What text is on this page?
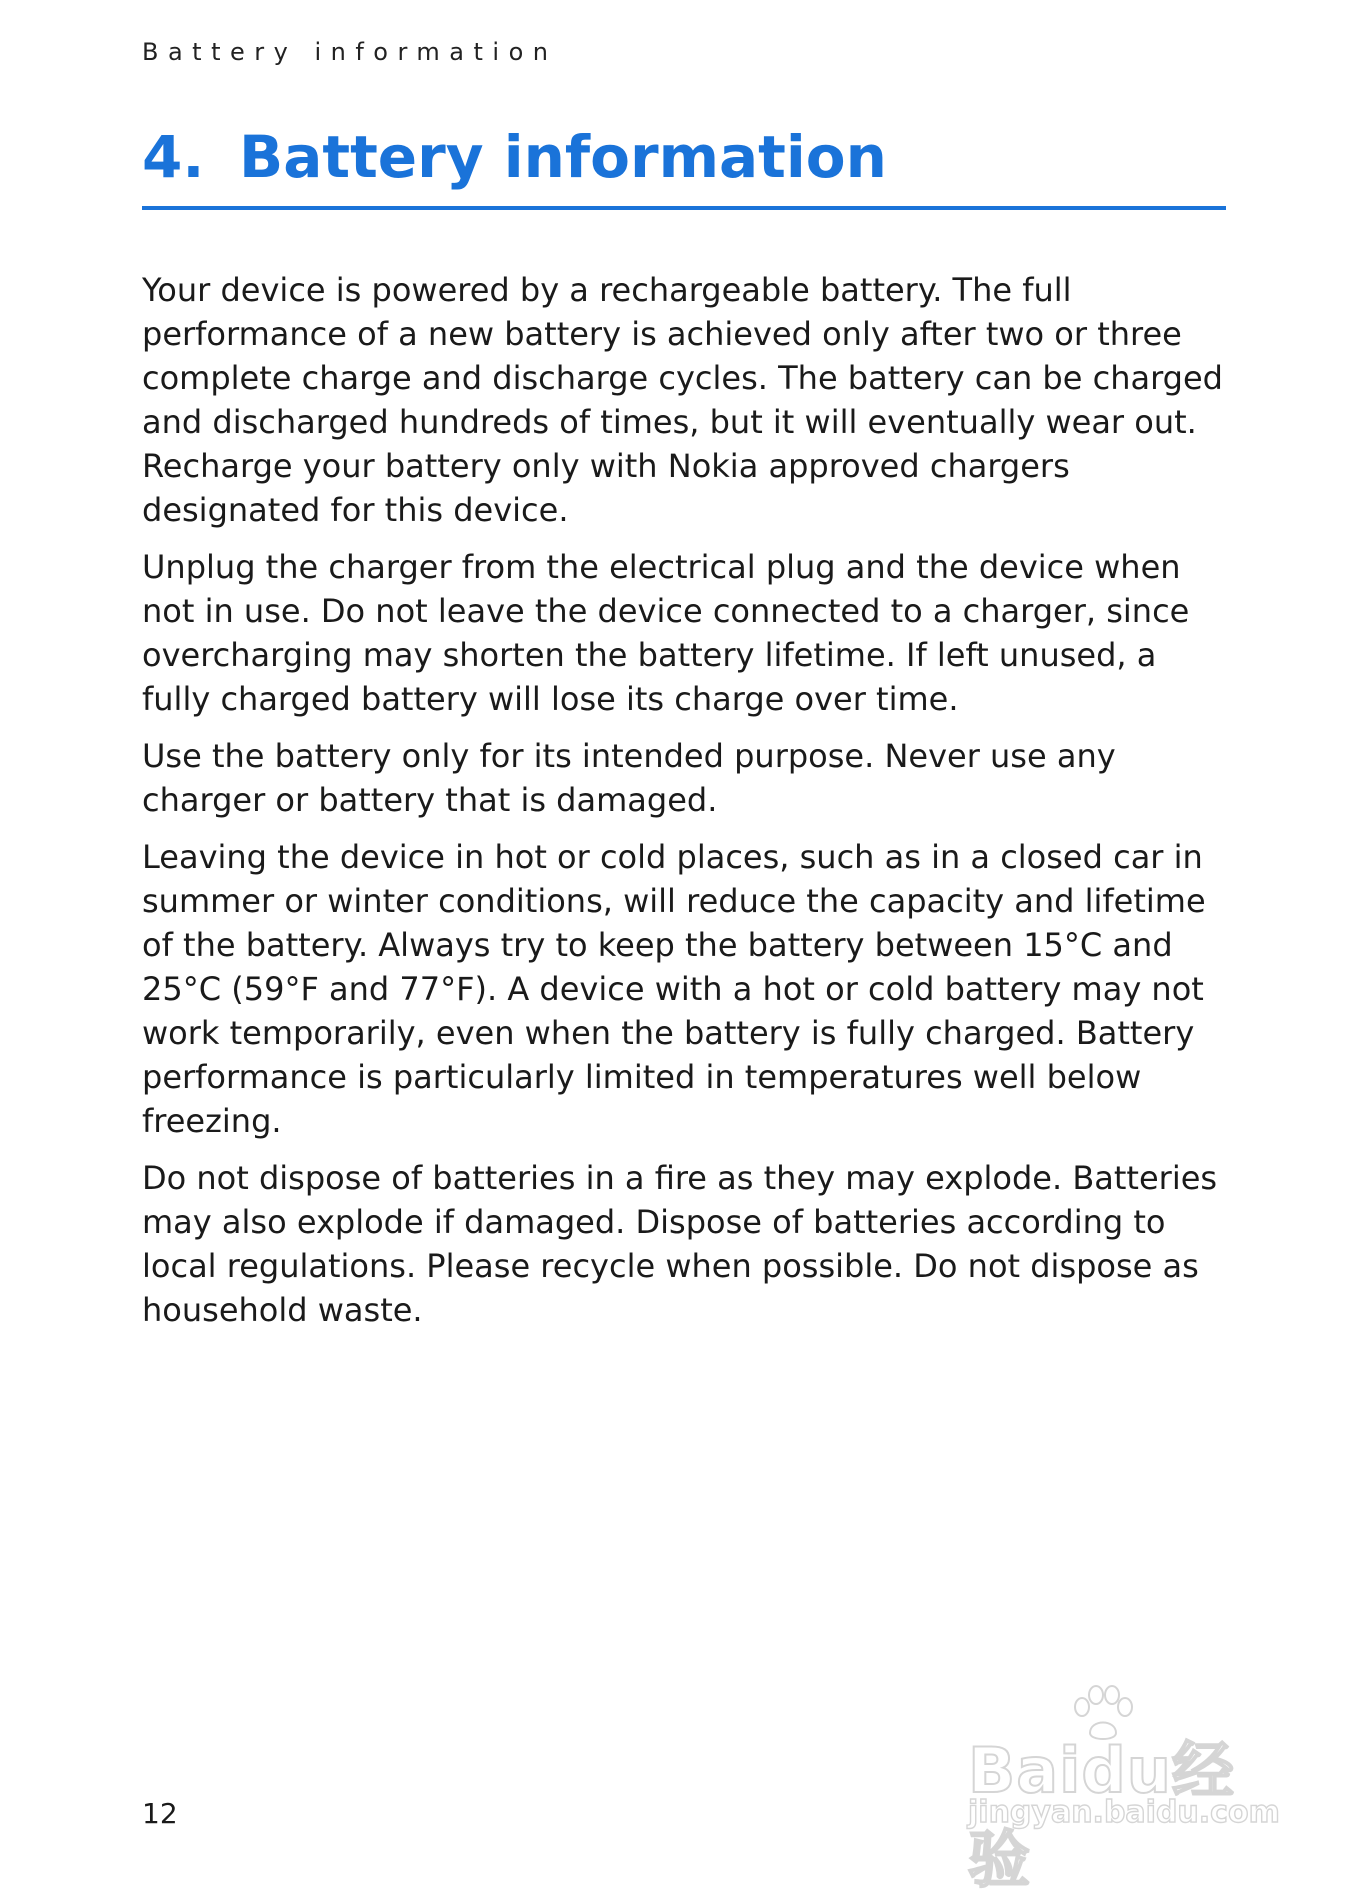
Battery information
4. Battery information

Your device is powered by a rechargeable battery. The full performance of a new battery is achieved only after two or three complete charge and discharge cycles. The battery can be charged and discharged hundreds of times, but it will eventually wear out. Recharge your battery only with Nokia approved chargers designated for this device.

Unplug the charger from the electrical plug and the device when not in use. Do not leave the device connected to a charger, since overcharging may shorten the battery lifetime. If left unused, a fully charged battery will lose its charge over time.

Use the battery only for its intended purpose. Never use any charger or battery that is damaged.

Leaving the device in hot or cold places, such as in a closed car in summer or winter conditions, will reduce the capacity and lifetime of the battery. Always try to keep the battery between 15°C and 25°C (59°F and 77°F). A device with a hot or cold battery may not work temporarily, even when the battery is fully charged. Battery performance is particularly limited in temperatures well below freezing.

Do not dispose of batteries in a fire as they may explode. Batteries may also explode if damaged. Dispose of batteries according to local regulations. Please recycle when possible. Do not dispose as household waste.

12
Baidu经验
jingyan.baidu.com
